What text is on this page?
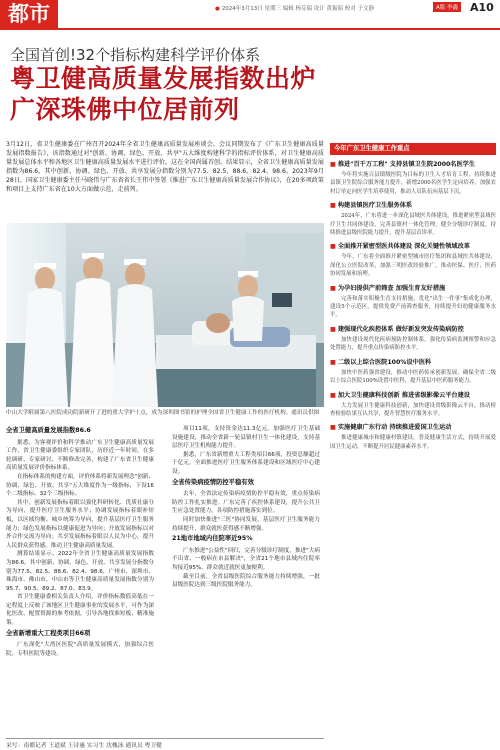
都市	● 2024年3月13日 星期三 编辑 杨芬瑞 设计 黄振昭 校对 于文静	A版 李鑫 A10
全国首创!32个指标构建科学评价体系
粤卫健高质量发展指数出炉
广深珠佛中位居前列
3月12日，省卫生健康委在广州召开2024年全省卫生健康高质量发展座谈会。会议同期发布了《广东卫生健康高质量发展指数报告》，该指数通过对"创新、协调、绿色、开放、共享"五大维度构建科学的指标评价体系，对卫生健康高质量发展总体水平和各地区卫生健康高质量发展水平进行评价。这在全国尚属首创。结果显示，全省卫生健康高质量发展指数为86.6，其中创新、协调、绿色、开放、共享发展分指数分别为77.5、82.5、88.6、82.4、98.6。2023年9月28日，国家卫生健康委主任马晓伟与广东省省长王伟中签署《推进广东卫生健康高质量发展合作协议》，在20多项政策和项目上支持广东省在10大方面做示范、走前列。
中山大学附属第八医院成功院新研开了进的重大学护士点，成为深圳图书馆的护理全国省卫生健康工作的医疗机构。通讯员供图
全省卫健高质量发展指数86.6

据悉，为客观评价和科学推动广东卫生健康高质量发展工作，省卫生健康委组织专家团队，历经近一年时间，在多轮调研、专家研讨、不断修改完善，构建了广东省卫生健康高质量发展评价指标体系。

在指标体系的构建方面，评价体系将新发展理念"创新、协调、绿色、开放、共享"五大维度作为一级指标，下设16个二级指标、32个三级指标。

其中，创新发展指标着眼以强化科研转化、优质社康分为导向，提升医疗卫生服务水平；协调发展指标着眼补短板，以区域均衡、城乡统筹为导向，提升基层医疗卫生服务能力；绿色发展指标以健康促进为导向；开放发展指标以对外合作交流为导向；共享发展指标着眼以人民为中心，提升人民群众获得感，推动卫生健康高质量发展。

测算结果显示，2022年全省卫生健康高质量发展指数为86.6，其中创新、协调、绿色、开放、共享发展分指数分别为77.5、82.5、88.6、82.4、98.6，广州市、深圳市、珠海市、佛山市、中山市等卫生健康高质量发展指数分别为95.7、90.5、89.2、87.0、83.9。

省卫生健康委相关负责人介绍，评价指标数值高低在一定程度上反映了该地区卫生健康事业的发展水平，可作为深化医改、配置资源的参考依据，引导各地找准短板、精准施策。

全省新增重大工程类项目66项

广东深化"大湾区医院"高质量发展模式，加强综合医院、专科医院等建设。

项目11项，支持资金达11.3亿元。加强医疗卫生基础设施建设，推动全省新一轮县镇村卫生一体化建设，支持基层医疗卫生机构能力提升。

据悉，广东省新增重大工程类项目66项，投资总额超过千亿元，全面推进医疗卫生服务体系建设和区域医疗中心建设。

全省传染病疫情防控平稳有效

去年，全省法定传染病疫情防控平稳有效，重点传染病防控工作扎实推进。广东完善了疾控体系建设，提升公共卫生应急处置能力，各项防控措施落实到位。

同时加快推进"三医"协同发展，基层医疗卫生服务能力持续提升，群众就医获得感不断增强。

21地市地域内住院率近95%

广东推进"公益性"回归，完善分级诊疗制度，推进"大病不出省、一般病在市县解决"，全省21个地市县域内住院率均接近95%，群众就近就医更加便利。

截至目前，全省县级医院综合服务能力持续增强，一批县级医院达到三级医院服务能力。

采写：南都记者 王道斌 王诗惠 实习生 沈槐泳 通讯员 粤卫健
今年广东卫生健康工作重点
■ 推进"百千万工程" 支持县镇卫生院2000名医学生
今年将实施百县镇级医院为目标的卫生人才培育工程，持续推进县镇卫生院综合服务能力提升，新增2000名医学生定向培养，加强农村订单定向医学生培养使用，推动人员队伍向基层下沉。
■ 构建县镇医疗卫生服务体系
2024年，广东将进一步深化县域医共体建设，推进紧密型县域医疗卫生共同体建设，完善县镇村一体化管理，健全分级诊疗制度，持续推进县级医院能力提升，提升基层首诊率。
■ 全面推开紧密型医共体建设 深化关键性领域改革
今年，广东将全面推开紧密型城市医疗集团和县域医共体建设，深化公立医院改革，加强三明医改经验推广，推动医保、医疗、医药协同发展和治理。
■ 为孕妇提供产前筛查 加强生育友好措施
完善和落实积极生育支持措施，优化"出生一件事"集成化办理，建设5个示范区，提供免费产前筛查服务，持续提升妇幼健康服务水平。
■ 建强现代化疾控体系 做好新发突发传染病防控
加快建设现代化疾病预防控制体系，强化传染病监测预警和应急处置能力，提升重点传染病防控水平。
■ 二级以上综合医院100%设中医科
加快中医药强省建设，推动中医药传承创新发展，确保全省二级以上综合医院100%设置中医科，提升基层中医药服务能力。
■ 加大卫生健康科技创新 推进省级影像云平台建设
大力发展卫生健康科技创新，加快建设省级影像云平台，推动检查检验结果互认共享，提升智慧医疗服务水平。
■ 实施健康广东行动 持续推进爱国卫生运动
推进健康城市和健康村镇建设，普及健康生活方式，持续开展爱国卫生运动，不断提升居民健康素养水平。
